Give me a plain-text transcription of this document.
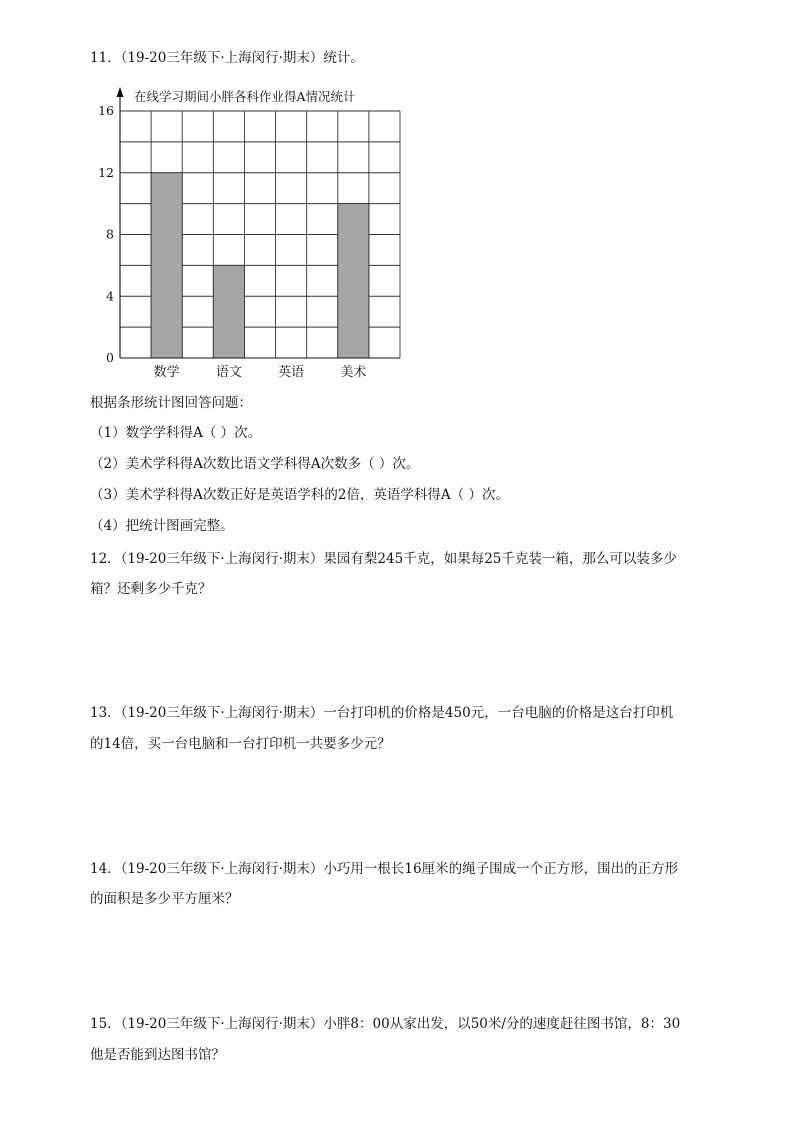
11．（19-20三年级下·上海闵行·期末）统计。

在线学习期间小胖各科作业得A情况统计
0
4
8
12
16
数学	语文	英语	美术

根据条形统计图回答问题：

（1）数学学科得A（ ）次。

（2）美术学科得A次数比语文学科得A次数多（ ）次。

（3）美术学科得A次数正好是英语学科的2倍，英语学科得A（ ）次。

（4）把统计图画完整。

12．（19-20三年级下·上海闵行·期末）果园有梨245千克，如果每25千克装一箱，那么可以装多少

箱？还剩多少千克？

13．（19-20三年级下·上海闵行·期末）一台打印机的价格是450元，一台电脑的价格是这台打印机

的14倍，买一台电脑和一台打印机一共要多少元？

14．（19-20三年级下·上海闵行·期末）小巧用一根长16厘米的绳子围成一个正方形，围出的正方形

的面积是多少平方厘米？

15．（19-20三年级下·上海闵行·期末）小胖8：00从家出发，以50米/分的速度赶往图书馆，8：30

他是否能到达图书馆？
